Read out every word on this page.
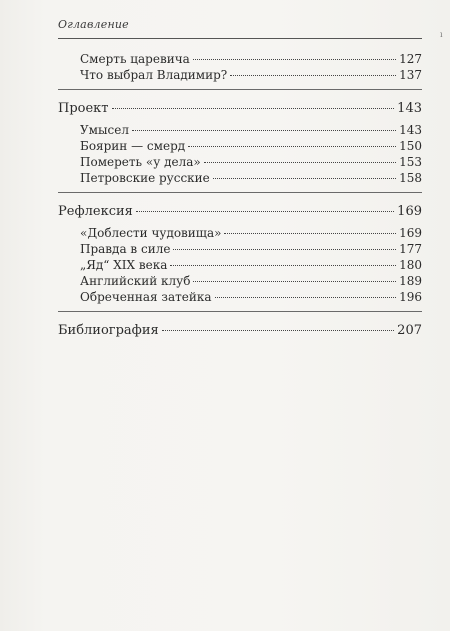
Оглавление
ı
Смерть царевича	127
Что выбрал Владимир?	137
Проект	143
Умысел	143
Боярин — смерд	150
Помереть «у дела»	153
Петровские русские	158
Рефлексия	169
«Доблести чудовища»	169
Правда в силе	177
„Яд“ XIX века	180
Английский клуб	189
Обреченная затейка	196
Библиография	207
